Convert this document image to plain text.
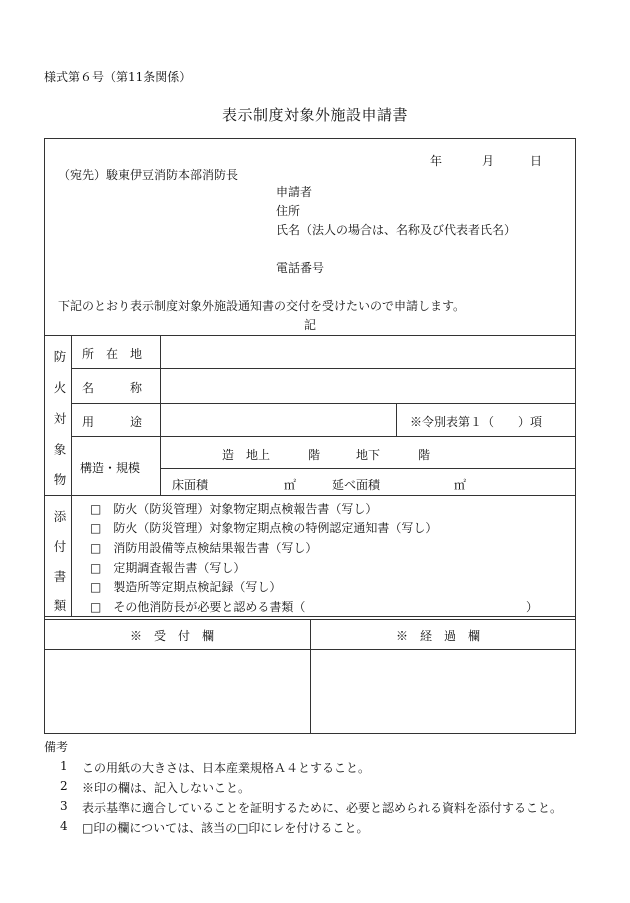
様式第６号（第11条関係）
表示制度対象外施設申請書
年	月	日
（宛先）駿東伊豆消防本部消防長
申請者
住所
氏名（法人の場合は、名称及び代表者氏名）
電話番号
下記のとおり表示制度対象外施設通知書の交付を受けたいので申請します。
記
防
火
対
象
物
所　在　地
名　　　称
用　　　途	※令別表第１（　　）項
構造・規模
造 地上	階	地下	階
床面積	㎡	延べ面積	㎡
添
付
書
類
□　防火（防災管理）対象物定期点検報告書（写し）
□　防火（防災管理）対象物定期点検の特例認定通知書（写し）
□　消防用設備等点検結果報告書（写し）
□　定期調査報告書（写し）
□　製造所等定期点検記録（写し）
□　その他消防長が必要と認める書類（	）
※　受　付　欄	※　経　過　欄
備考
1 この用紙の大きさは、日本産業規格Ａ４とすること。
2 ※印の欄は、記入しないこと。
3 表示基準に適合していることを証明するために、必要と認められる資料を添付すること。
4 □印の欄については、該当の□印にレを付けること。
